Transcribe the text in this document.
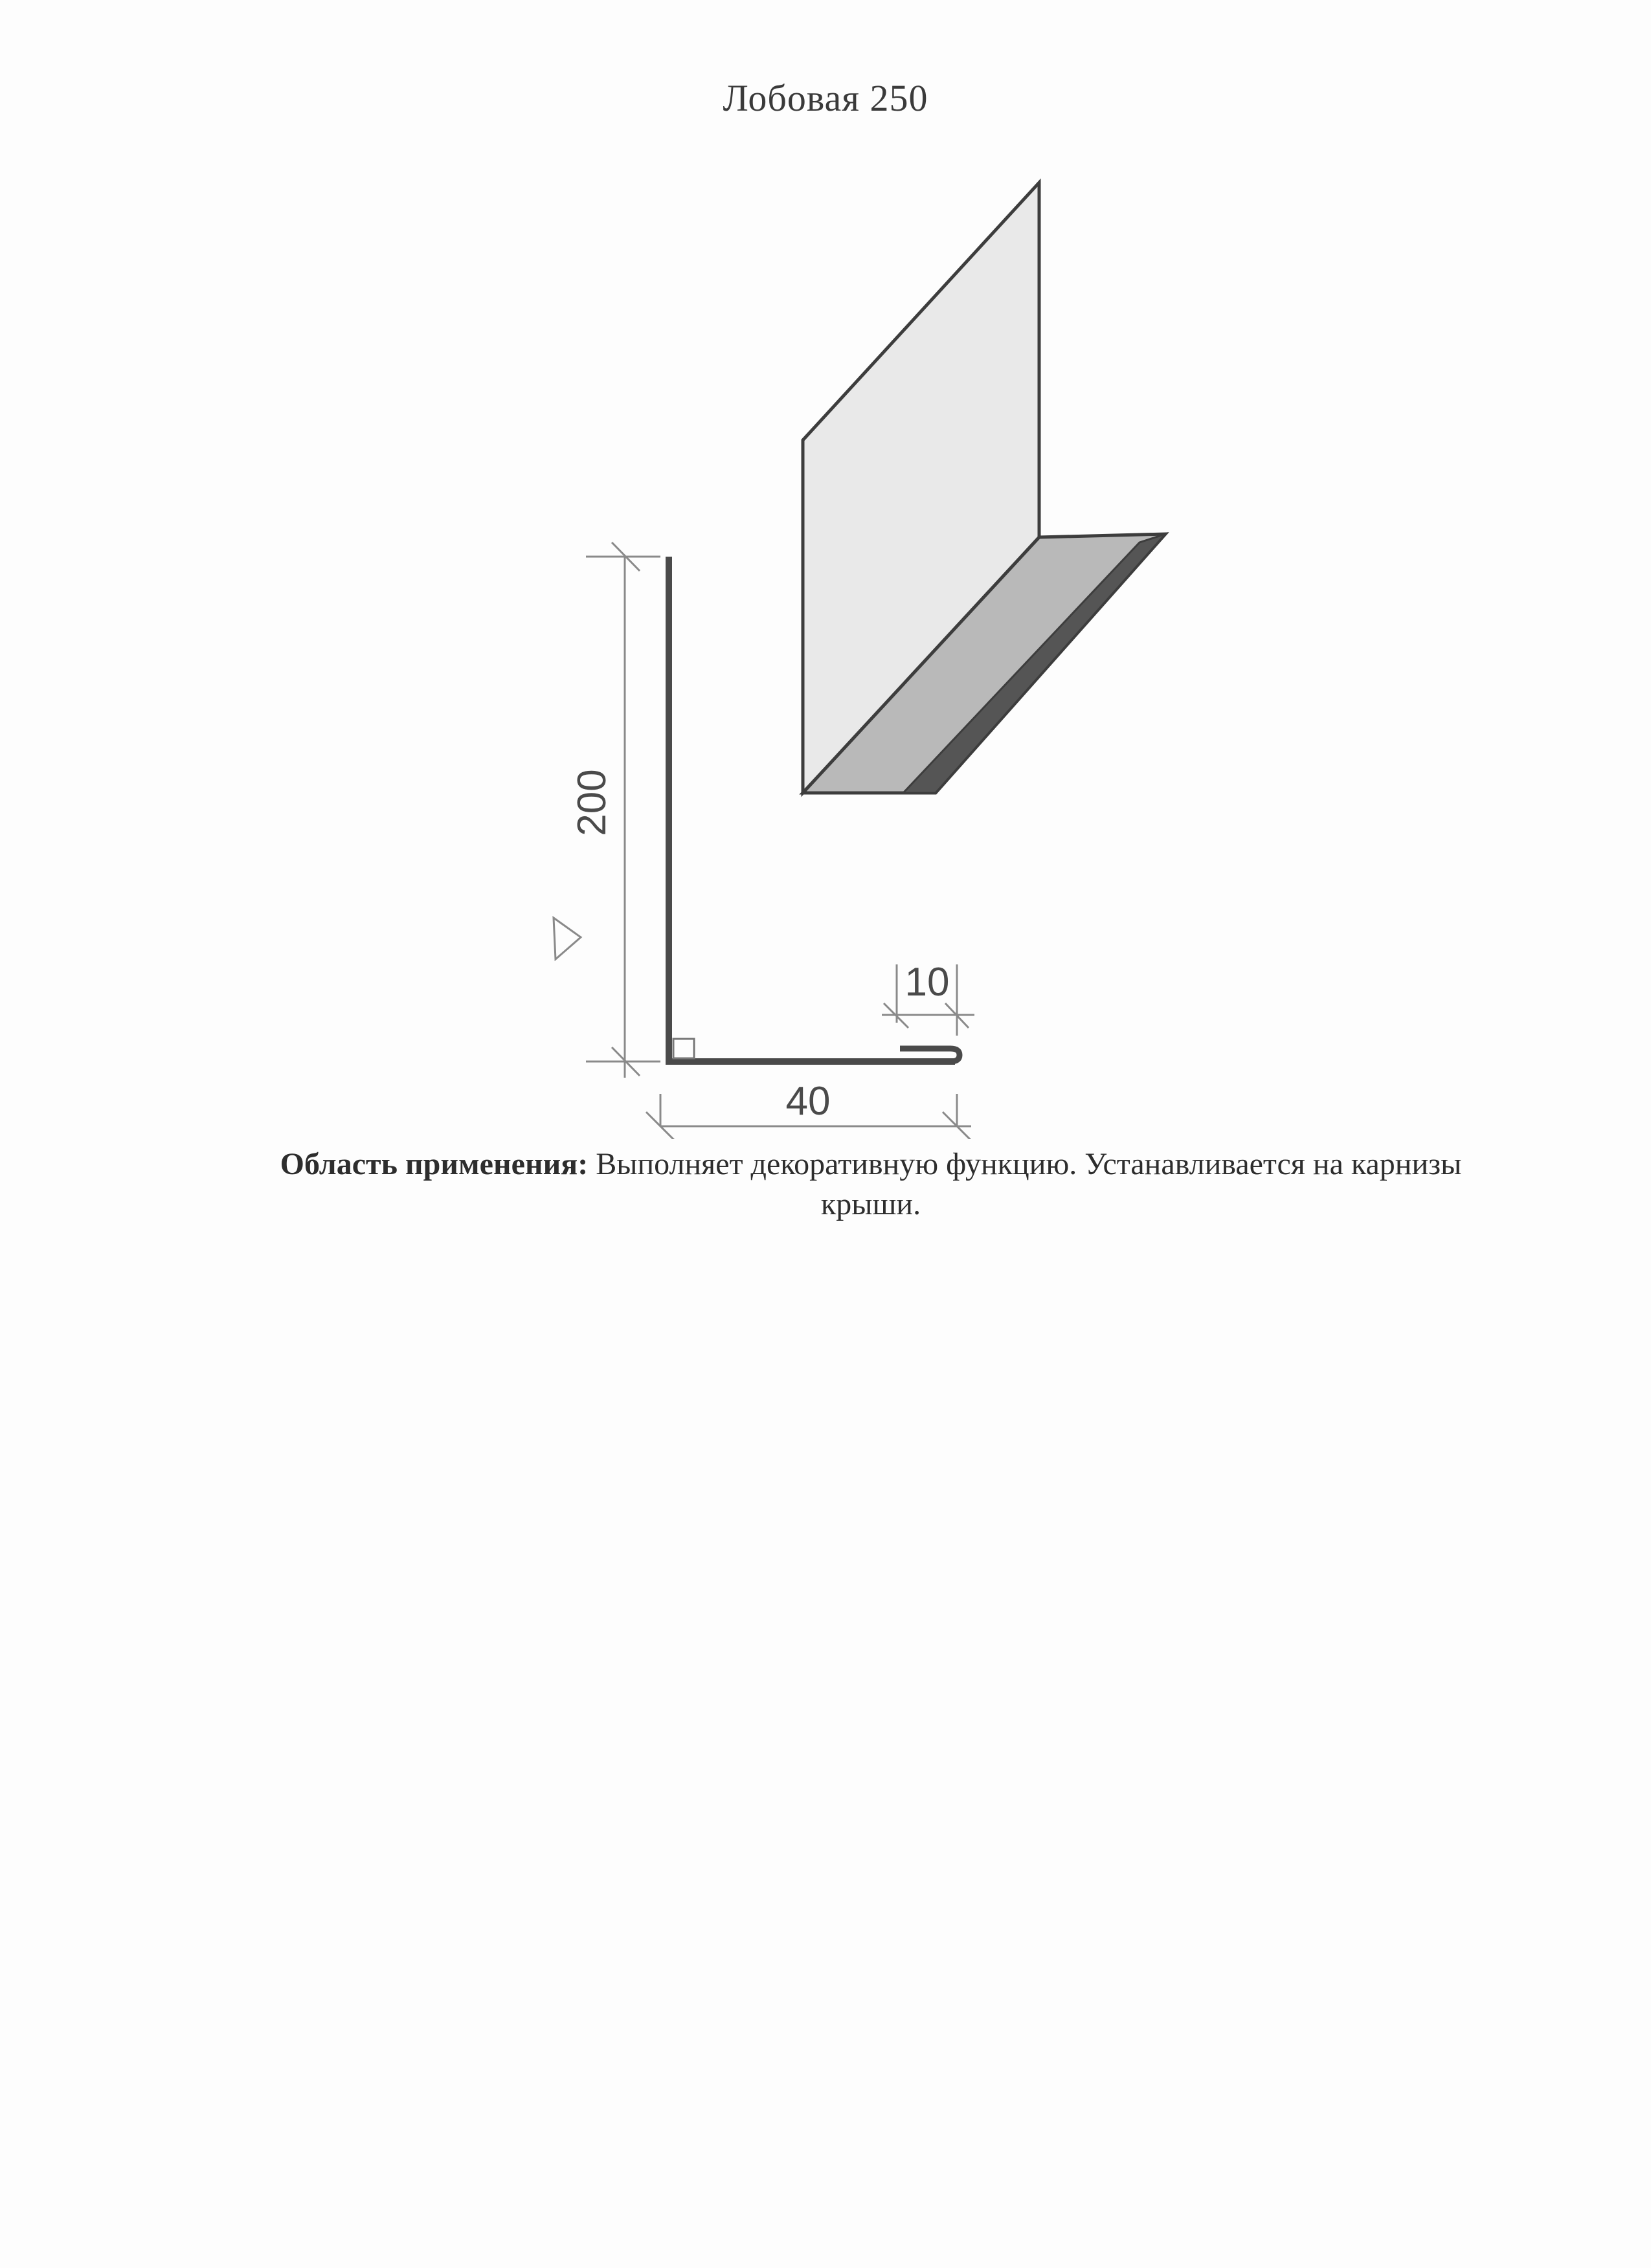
Лобовая 250
200
40
10
Область применения: Выполняет декоративную функцию. Устанавливается на карнизы
крыши.
